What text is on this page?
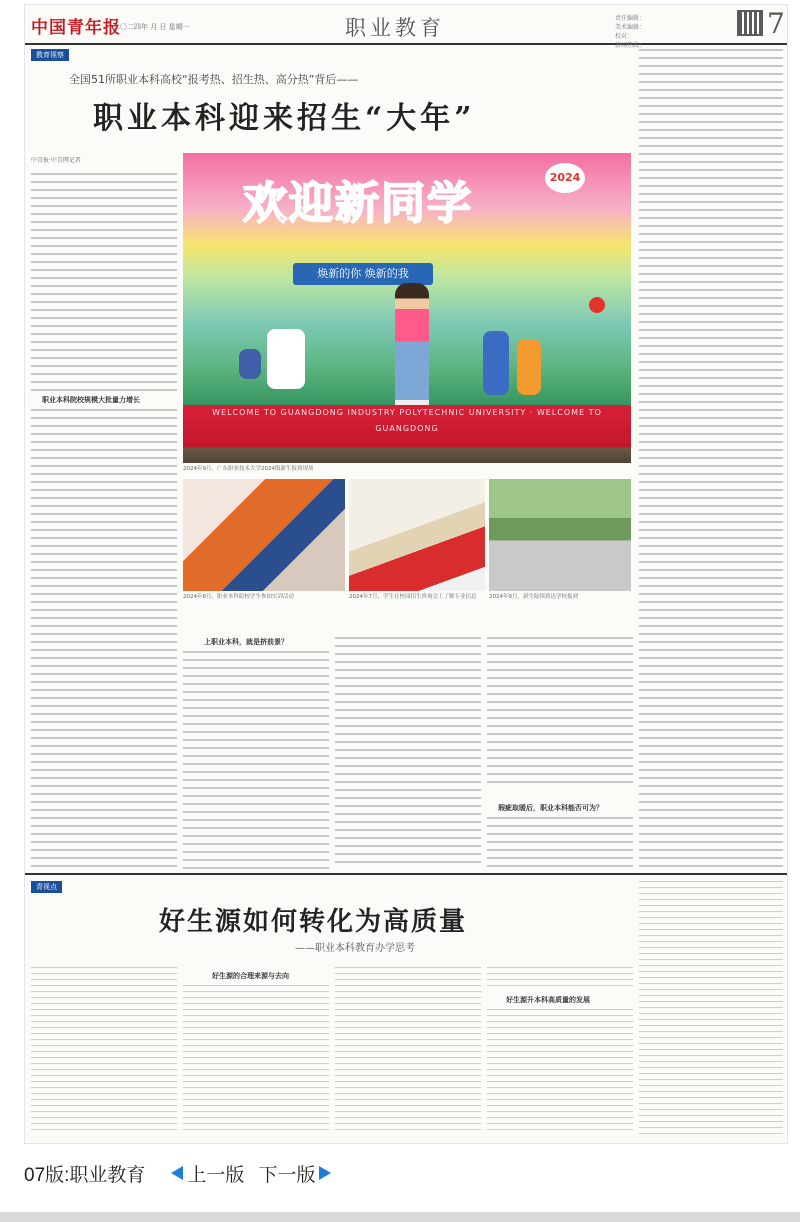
中国青年报
二〇二四年 月 日 星期一	职业教育	责任编辑：
美术编辑：
校对：
新闻热线：
7
教育视察
全国51所职业本科高校“报考热、招生热、高分热”背后——
职业本科迎来招生“大年”
中青报·中青网记者
职业本科院校规模大批量力增长
欢迎新同学
2024
焕新的你 焕新的我
WELCOME TO GUANGDONG INDUSTRY POLYTECHNIC UNIVERSITY · WELCOME TO GUANGDONG
2024年9月，广东职业技术大学2024级新生报到现场
2024年8月，职业本科院校学生参加实训活动	2024年7月，学生在校园招生咨询会上了解专业信息	2024年9月，新生陆续到达学校报到
上职业本科，就是挤前景？
瑕疵取暖后，职业本科能否可为？
青视点
好生源如何转化为高质量
——职业本科教育办学思考
好生源的合理来源与去向
好生源升本科高质量的发展
07版:职业教育 上一版 下一版
